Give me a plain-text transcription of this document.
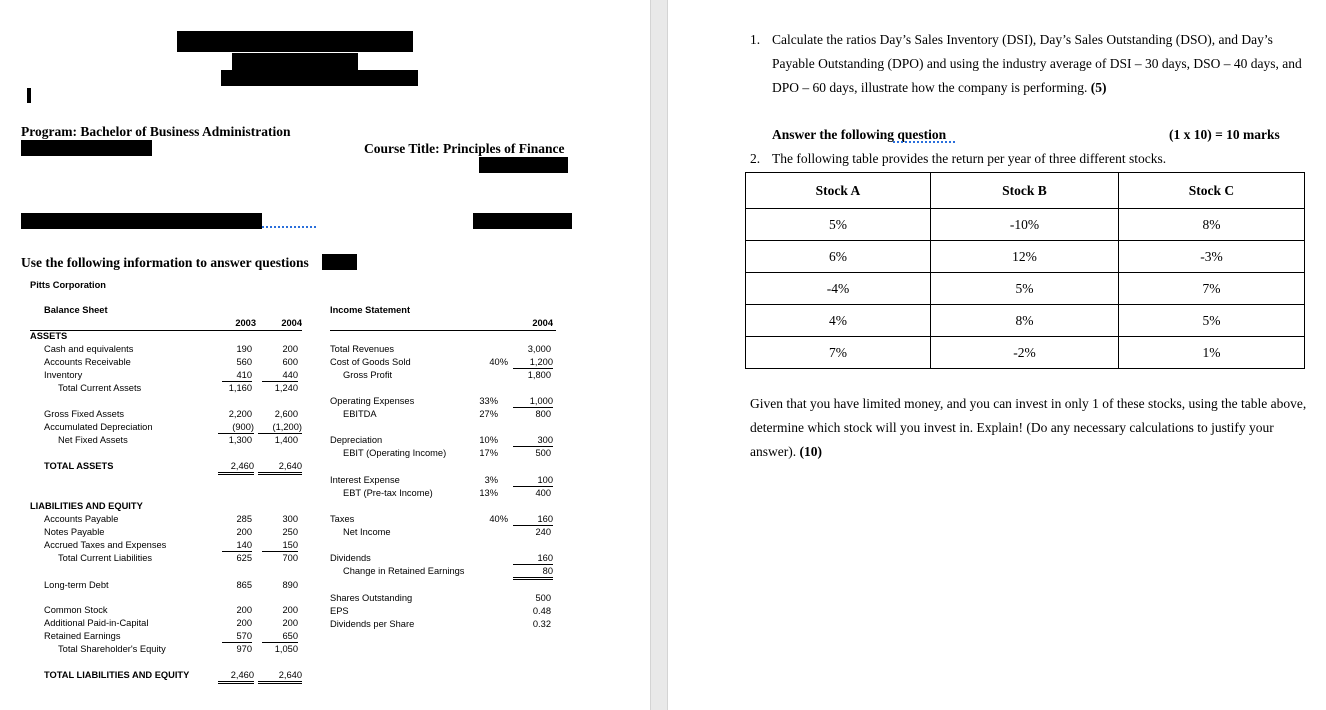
Program: Bachelor of Business Administration
Course Title: Principles of Finance
Use the following information to answer questions
Pitts Corporation
Balance Sheet
2003	2004
ASSETS
Cash and equivalents	190	200
Accounts Receivable	560	600
Inventory	410	440
Total Current Assets	1,160	1,240
Gross Fixed Assets	2,200	2,600
Accumulated Depreciation	(900)	(1,200)
Net Fixed Assets	1,300	1,400
TOTAL ASSETS	2,460	2,640
LIABILITIES AND EQUITY
Accounts Payable	285	300
Notes Payable	200	250
Accrued Taxes and Expenses	140	150
Total Current Liabilities	625	700
Long-term Debt	865	890
Common Stock	200	200
Additional Paid-in-Capital	200	200
Retained Earnings	570	650
Total Shareholder's Equity	970	1,050
TOTAL LIABILITIES AND EQUITY	2,460	2,640
Income Statement
2004
Total Revenues	3,000
Cost of Goods Sold	40%	1,200
Gross Profit	1,800
Operating Expenses	33%	1,000
EBITDA	27%	800
Depreciation	10%	300
EBIT (Operating Income)	17%	500
Interest Expense	3%	100
EBT (Pre-tax Income)	13%	400
Taxes	40%	160
Net Income	240
Dividends	160
Change in Retained Earnings	80
Shares Outstanding	500
EPS	0.48
Dividends per Share	0.32
1. Calculate the ratios Day’s Sales Inventory (DSI), Day’s Sales Outstanding (DSO), and Day’s Payable Outstanding (DPO) and using the industry average of DSI – 30 days, DSO – 40 days, and DPO – 60 days, illustrate how the company is performing. (5)
Answer the following question	(1 x 10) = 10 marks
2. The following table provides the return per year of three different stocks.
Stock A	Stock B	Stock C
5%	-10%	8%
6%	12%	-3%
-4%	5%	7%
4%	8%	5%
7%	-2%	1%
Given that you have limited money, and you can invest in only 1 of these stocks, using the table above, determine which stock will you invest in. Explain! (Do any necessary calculations to justify your answer). (10)
